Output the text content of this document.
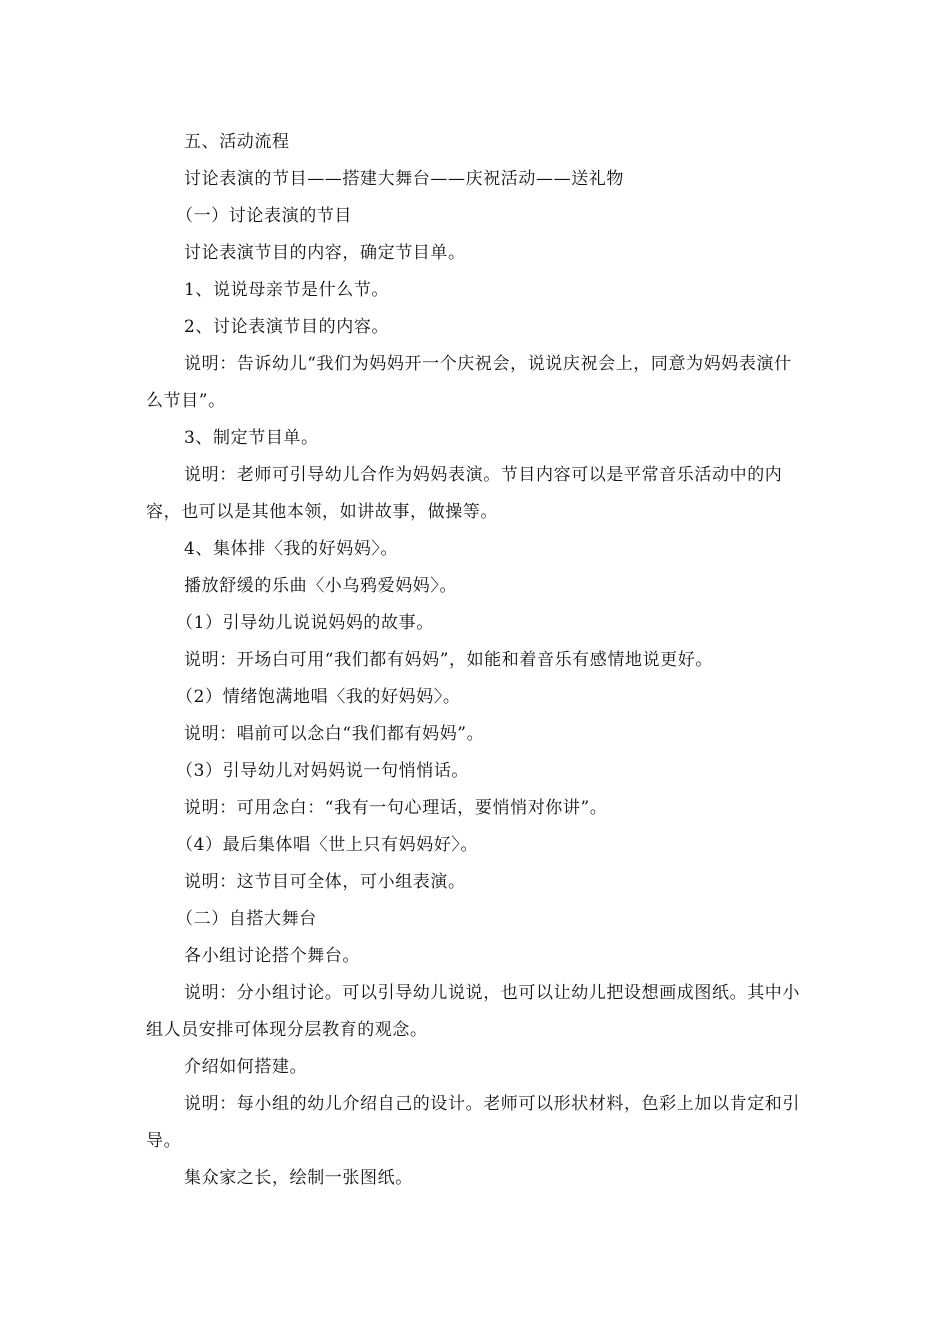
五、活动流程

讨论表演的节目——搭建大舞台——庆祝活动——送礼物

（一）讨论表演的节目

讨论表演节目的内容，确定节目单。

1、说说母亲节是什么节。

2、讨论表演节目的内容。

说明：告诉幼儿“我们为妈妈开一个庆祝会，说说庆祝会上，同意为妈妈表演什么节目”。

3、制定节目单。

说明：老师可引导幼儿合作为妈妈表演。节目内容可以是平常音乐活动中的内容，也可以是其他本领，如讲故事，做操等。

4、集体排〈我的好妈妈〉。

播放舒缓的乐曲〈小乌鸦爱妈妈〉。

（1）引导幼儿说说妈妈的故事。

说明：开场白可用“我们都有妈妈”，如能和着音乐有感情地说更好。

（2）情绪饱满地唱〈我的好妈妈〉。

说明：唱前可以念白“我们都有妈妈”。

（3）引导幼儿对妈妈说一句悄悄话。

说明：可用念白：“我有一句心理话，要悄悄对你讲”。

（4）最后集体唱〈世上只有妈妈好〉。

说明：这节目可全体，可小组表演。

（二）自搭大舞台

各小组讨论搭个舞台。

说明：分小组讨论。可以引导幼儿说说，也可以让幼儿把设想画成图纸。其中小组人员安排可体现分层教育的观念。

介绍如何搭建。

说明：每小组的幼儿介绍自己的设计。老师可以形状材料，色彩上加以肯定和引导。

集众家之长，绘制一张图纸。
